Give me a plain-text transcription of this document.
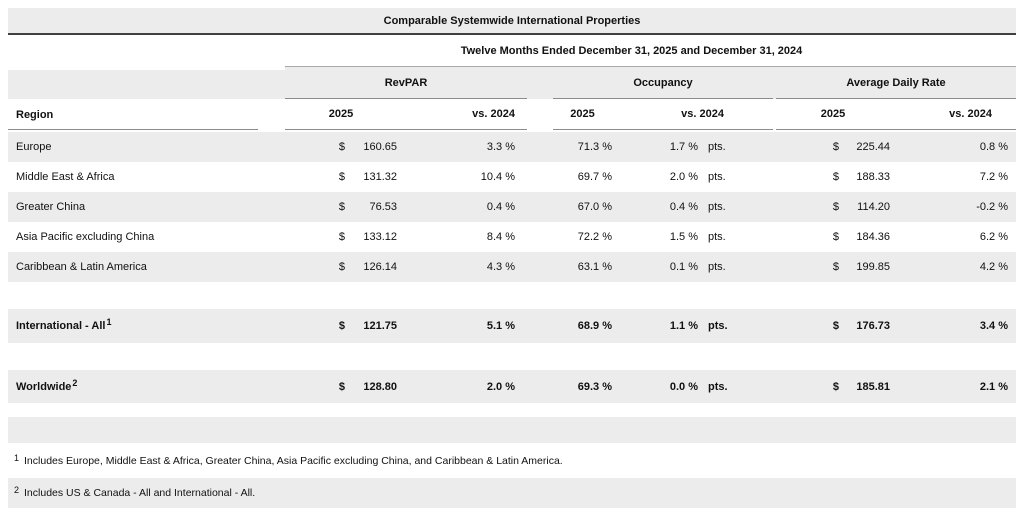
Comparable Systemwide International Properties
Twelve Months Ended December 31, 2025 and December 31, 2024
RevPAR	Occupancy	Average Daily Rate
Region	2025	vs. 2024	2025	vs. 2024	2025	vs. 2024
Europe	$	160.65	3.3 %	71.3 %	1.7 % pts.	$	225.44	0.8 %
Middle East & Africa	$	131.32	10.4 %	69.7 %	2.0 % pts.	$	188.33	7.2 %
Greater China	$	76.53	0.4 %	67.0 %	0.4 % pts.	$	114.20	-0.2 %
Asia Pacific excluding China	$	133.12	8.4 %	72.2 %	1.5 % pts.	$	184.36	6.2 %
Caribbean & Latin America	$	126.14	4.3 %	63.1 %	0.1 % pts.	$	199.85	4.2 %
International - All$^1$	$	121.75	5.1 %	68.9 %	1.1 % pts.	$	176.73	3.4 %
Worldwide$^2$	$	128.80	2.0 %	69.3 %	0.0 % pts.	$	185.81	2.1 %
$^1$ Includes Europe, Middle East & Africa, Greater China, Asia Pacific excluding China, and Caribbean & Latin America.
$^2$ Includes US & Canada - All and International - All.
